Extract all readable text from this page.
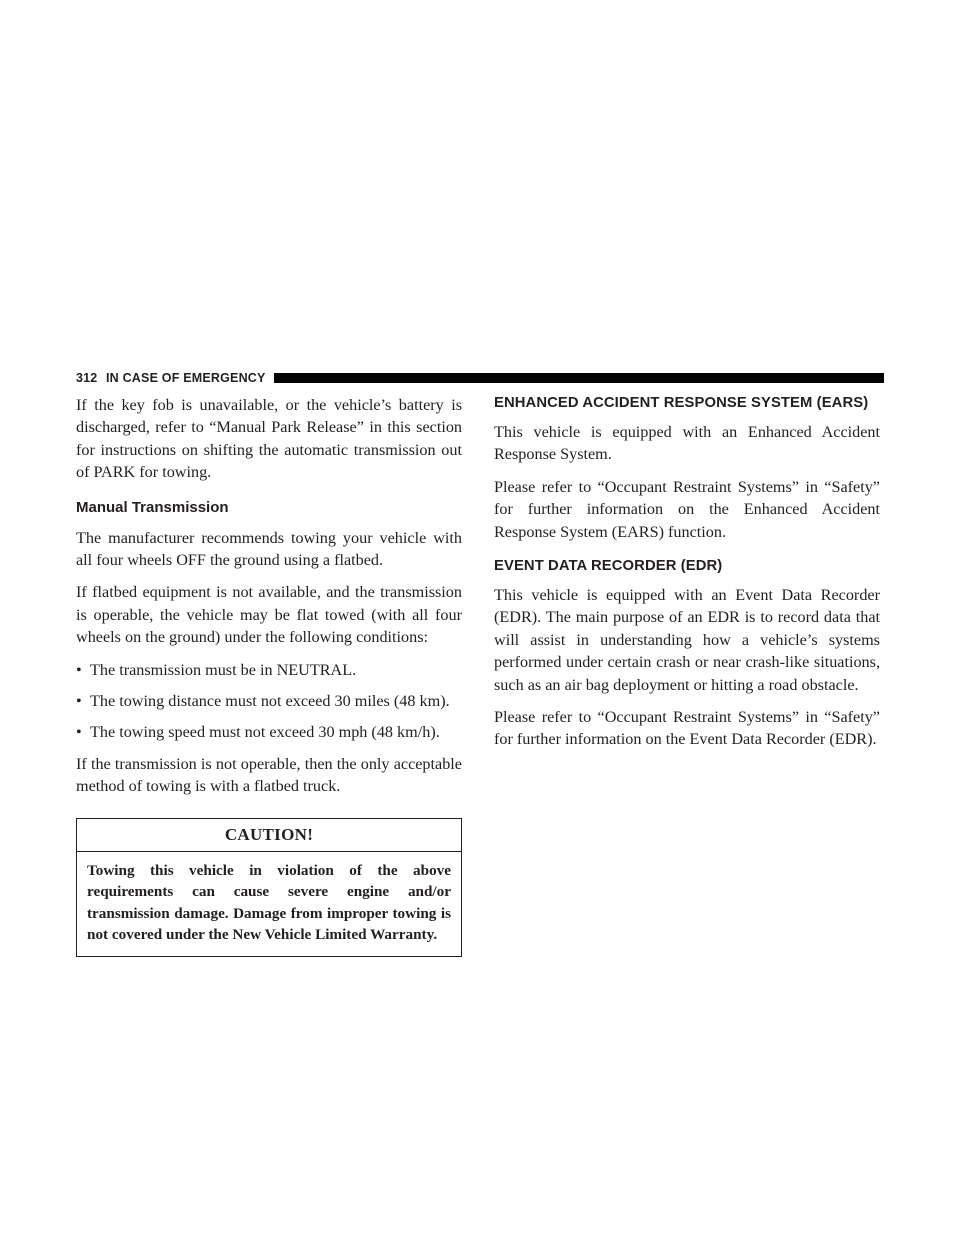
312 IN CASE OF EMERGENCY

If the key fob is unavailable, or the vehicle’s battery is discharged, refer to “Manual Park Release” in this section for instructions on shifting the automatic transmission out of PARK for towing.

Manual Transmission

The manufacturer recommends towing your vehicle with all four wheels OFF the ground using a flatbed.

If flatbed equipment is not available, and the transmission is operable, the vehicle may be flat towed (with all four wheels on the ground) under the following conditions:

• The transmission must be in NEUTRAL.
• The towing distance must not exceed 30 miles (48 km).
• The towing speed must not exceed 30 mph (48 km/h).

If the transmission is not operable, then the only acceptable method of towing is with a flatbed truck.

CAUTION!
Towing this vehicle in violation of the above requirements can cause severe engine and/or transmission damage. Damage from improper towing is not covered under the New Vehicle Limited Warranty.
ENHANCED ACCIDENT RESPONSE SYSTEM (EARS)

This vehicle is equipped with an Enhanced Accident Response System.

Please refer to “Occupant Restraint Systems” in “Safety” for further information on the Enhanced Accident Response System (EARS) function.

EVENT DATA RECORDER (EDR)

This vehicle is equipped with an Event Data Recorder (EDR). The main purpose of an EDR is to record data that will assist in understanding how a vehicle’s systems performed under certain crash or near crash-like situations, such as an air bag deployment or hitting a road obstacle.

Please refer to “Occupant Restraint Systems” in “Safety” for further information on the Event Data Recorder (EDR).
